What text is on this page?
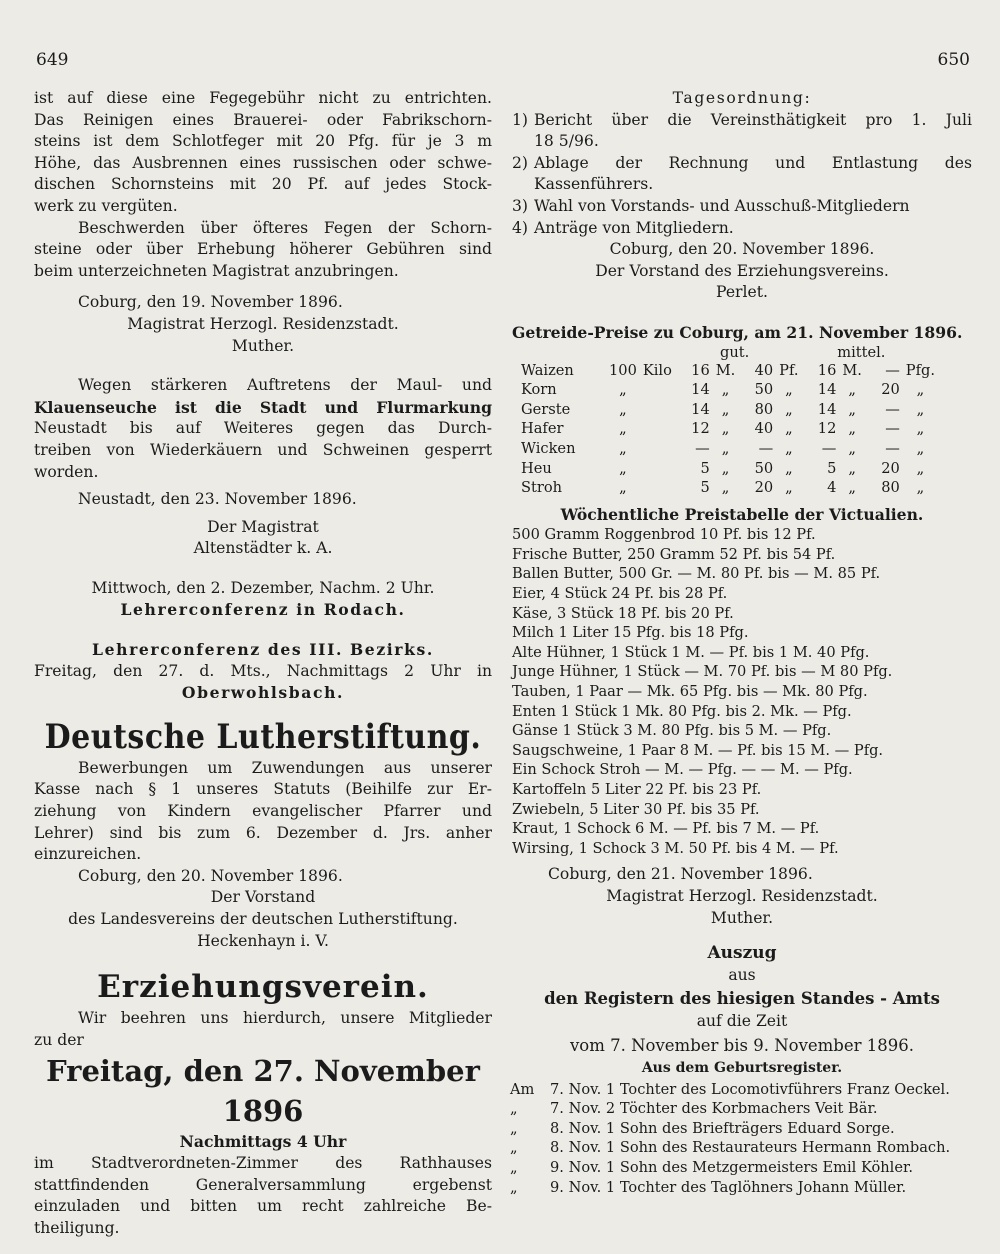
649	650
ist auf diese eine Fegegebühr nicht zu entrichten.
Das Reinigen eines Brauerei- oder Fabrikschorn-
steins ist dem Schlotfeger mit 20 Pfg. für je 3 m
Höhe, das Ausbrennen eines russischen oder schwe-
dischen Schornsteins mit 20 Pf. auf jedes Stock-
werk zu vergüten.
Beschwerden über öfteres Fegen der Schorn-
steine oder über Erhebung höherer Gebühren sind
beim unterzeichneten Magistrat anzubringen.
Coburg, den 19. November 1896.
Magistrat Herzogl. Residenzstadt.
Muther.
Wegen stärkeren Auftretens der Maul- und
Klauenseuche ist die Stadt und Flurmarkung
Neustadt bis auf Weiteres gegen das Durch-
treiben von Wiederkäuern und Schweinen gesperrt
worden.
Neustadt, den 23. November 1896.
Der Magistrat
Altenstädter k. A.
Mittwoch, den 2. Dezember, Nachm. 2 Uhr.
Lehrerconferenz in Rodach.
Lehrerconferenz des III. Bezirks.
Freitag, den 27. d. Mts., Nachmittags 2 Uhr in
Oberwohlsbach.
Deutsche Lutherstiftung.
Bewerbungen um Zuwendungen aus unserer
Kasse nach § 1 unseres Statuts (Beihilfe zur Er-
ziehung von Kindern evangelischer Pfarrer und
Lehrer) sind bis zum 6. Dezember d. Jrs. anher
einzureichen.
Coburg, den 20. November 1896.
Der Vorstand
des Landesvereins der deutschen Lutherstiftung.
Heckenhayn i. V.
Erziehungsverein.
Wir beehren uns hierdurch, unsere Mitglieder
zu der
Freitag, den 27. November 1896
Nachmittags 4 Uhr
im Stadtverordneten-Zimmer des Rathhauses
stattfindenden Generalversammlung ergebenst
einzuladen und bitten um recht zahlreiche Be-
theiligung.
Tagesordnung:
1) Bericht über die Vereinsthätigkeit pro 1. Juli
18 5/96.
2) Ablage der Rechnung und Entlastung des
Kassenführers.
3) Wahl von Vorstands- und Ausschuß-Mitgliedern
4) Anträge von Mitgliedern.
Coburg, den 20. November 1896.
Der Vorstand des Erziehungsvereins.
Perlet.
Getreide-Preise zu Coburg, am 21. November 1896.
gut.	mittel.
Waizen	100	Kilo	16	M.	40	Pf.	16	M.	—	Pfg.
Korn	„		14	„	50	„	14	„	20	„
Gerste	„		14	„	80	„	14	„	—	„
Hafer	„		12	„	40	„	12	„	—	„
Wicken	„		—	„	—	„	—	„	—	„
Heu	„		5	„	50	„	5	„	20	„
Stroh	„		5	„	20	„	4	„	80	„
Wöchentliche Preistabelle der Victualien.
500 Gramm Roggenbrod 10 Pf. bis 12 Pf.
Frische Butter, 250 Gramm 52 Pf. bis 54 Pf.
Ballen Butter, 500 Gr. — M. 80 Pf. bis — M. 85 Pf.
Eier, 4 Stück 24 Pf. bis 28 Pf.
Käse, 3 Stück 18 Pf. bis 20 Pf.
Milch 1 Liter 15 Pfg. bis 18 Pfg.
Alte Hühner, 1 Stück 1 M. — Pf. bis 1 M. 40 Pfg.
Junge Hühner, 1 Stück — M. 70 Pf. bis — M 80 Pfg.
Tauben, 1 Paar — Mk. 65 Pfg. bis — Mk. 80 Pfg.
Enten 1 Stück 1 Mk. 80 Pfg. bis 2. Mk. — Pfg.
Gänse 1 Stück 3 M. 80 Pfg. bis 5 M. — Pfg.
Saugschweine, 1 Paar 8 M. — Pf. bis 15 M. — Pfg.
Ein Schock Stroh — M. — Pfg. — — M. — Pfg.
Kartoffeln 5 Liter 22 Pf. bis 23 Pf.
Zwiebeln, 5 Liter 30 Pf. bis 35 Pf.
Kraut, 1 Schock 6 M. — Pf. bis 7 M. — Pf.
Wirsing, 1 Schock 3 M. 50 Pf. bis 4 M. — Pf.
Coburg, den 21. November 1896.
Magistrat Herzogl. Residenzstadt.
Muther.
Auszug
aus
den Registern des hiesigen Standes - Amts
auf die Zeit
vom 7. November bis 9. November 1896.
Aus dem Geburtsregister.
Am	7. Nov. 1 Tochter des Locomotivführers Franz Oeckel.
„	7. Nov. 2 Töchter des Korbmachers Veit Bär.
„	8. Nov. 1 Sohn des Briefträgers Eduard Sorge.
„	8. Nov. 1 Sohn des Restaurateurs Hermann Rombach.
„	9. Nov. 1 Sohn des Metzgermeisters Emil Köhler.
„	9. Nov. 1 Tochter des Taglöhners Johann Müller.
